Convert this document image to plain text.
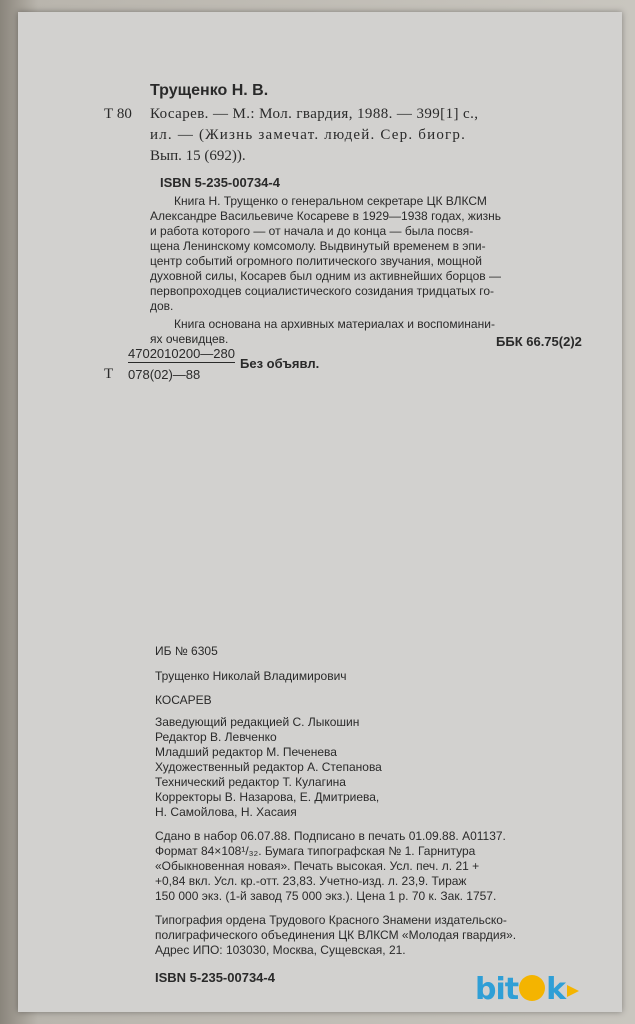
Трущенко Н. В.
Т 80 Косарев. — М.: Мол. гвардия, 1988. — 399[1] с.,
ил. — (Жизнь замечат. людей. Сер. биогр.
Вып. 15 (692)).
ISBN 5-235-00734-4
Книга Н. Трущенко о генеральном секретаре ЦК ВЛКСМ
Александре Васильевиче Косареве в 1929—1938 годах, жизнь
и работа которого — от начала и до конца — была посвя-
щена Ленинскому комсомолу. Выдвинутый временем в эпи-
центр событий огромного политического звучания, мощной
духовной силы, Косарев был одним из активнейших борцов —
первопроходцев социалистического созидания тридцатых го-
дов.
Книга основана на архивных материалах и воспоминани-
ях очевидцев.
Т $\frac{4702010200—280}{078(02)—88}$ Без объявл.
ББК 66.75(2)2
ИБ № 6305
Трущенко Николай Владимирович
КОСАРЕВ
Заведующий редакцией С. Лыкошин
Редактор В. Левченко
Младший редактор М. Печенева
Художественный редактор А. Степанова
Технический редактор Т. Кулагина
Корректоры В. Назарова, Е. Дмитриева,
Н. Самойлова, Н. Хасаия
Сдано в набор 06.07.88. Подписано в печать 01.09.88. А01137.
Формат 84×108¹/₃₂. Бумага типографская № 1. Гарнитура
«Обыкновенная новая». Печать высокая. Усл. печ. л. 21 +
+0,84 вкл. Усл. кр.-отт. 23,83. Учетно-изд. л. 23,9. Тираж
150 000 экз. (1-й завод 75 000 экз.). Цена 1 р. 70 к. Зак. 1757.
Типография ордена Трудового Красного Знамени издательско-
полиграфического объединения ЦК ВЛКСМ «Молодая гвардия».
Адрес ИПО: 103030, Москва, Сущевская, 21.
ISBN 5-235-00734-4	bit k
